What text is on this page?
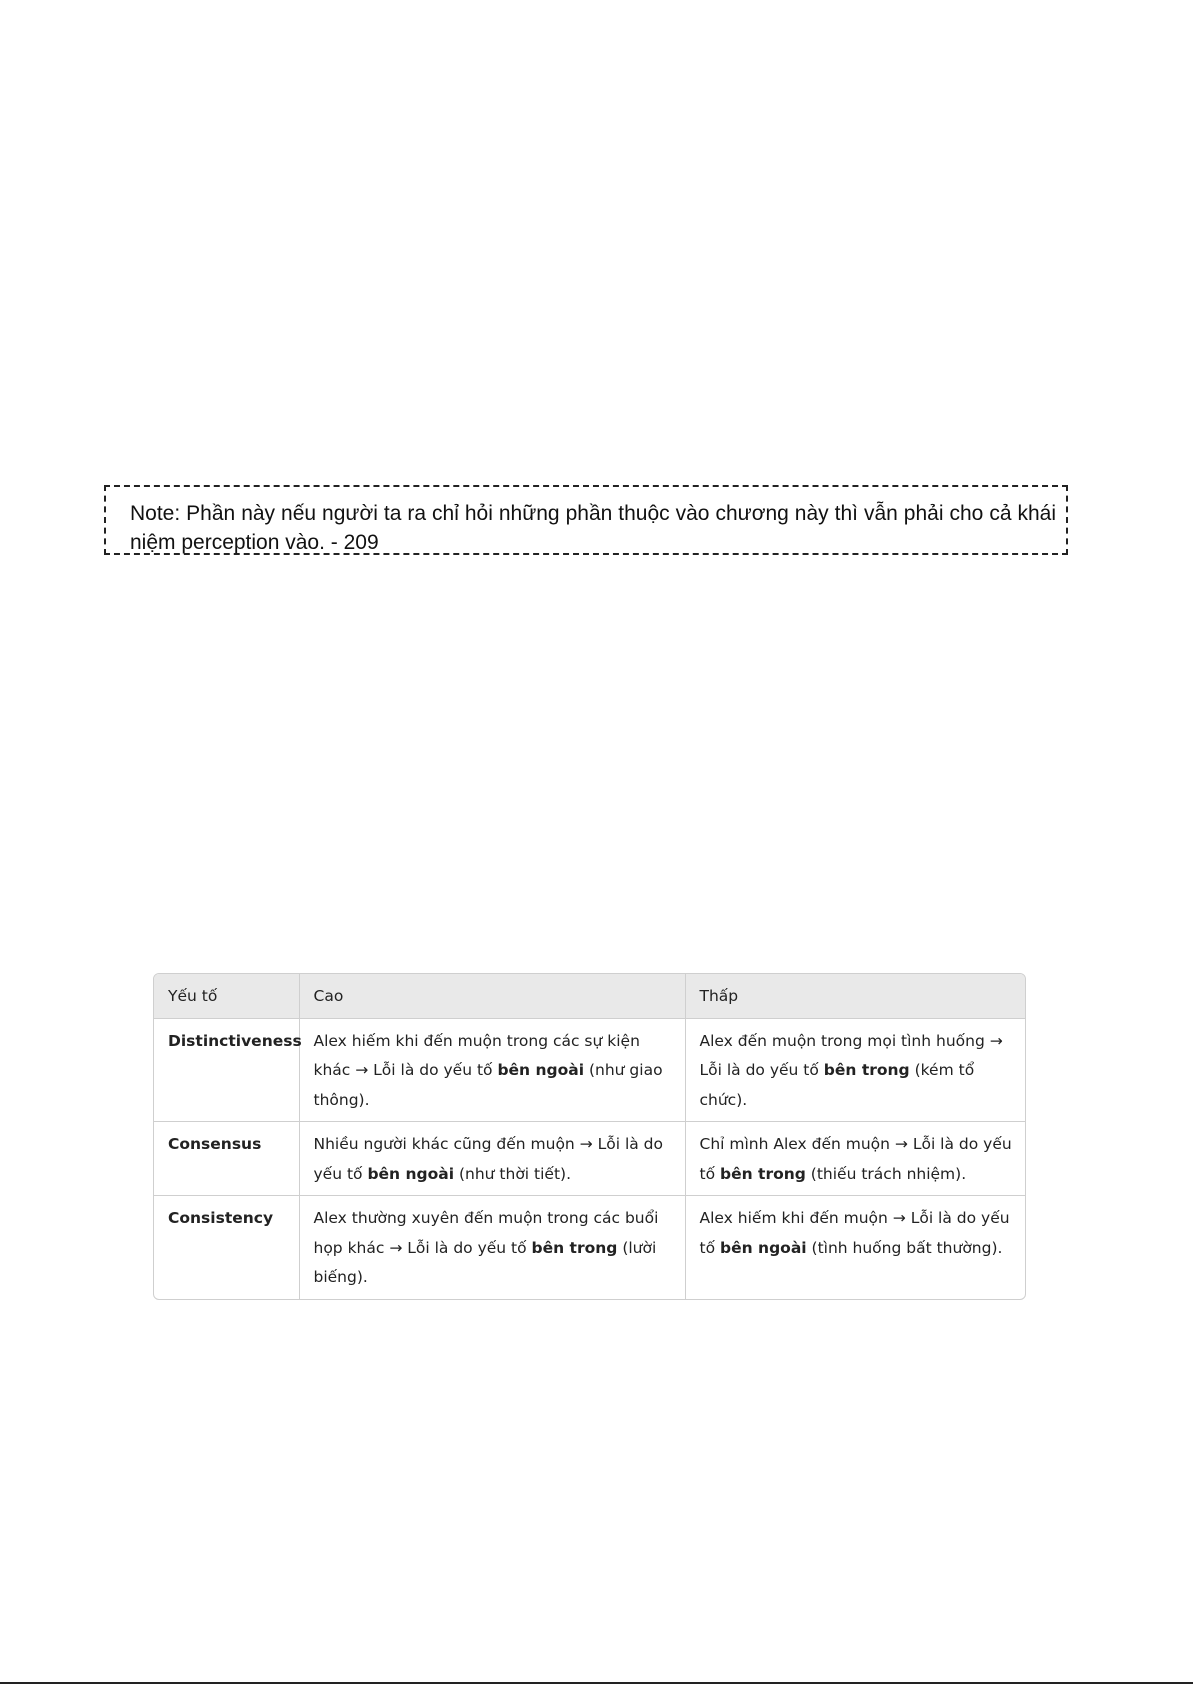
Note: Phần này nếu người ta ra chỉ hỏi những phần thuộc vào chương này thì vẫn phải cho cả khái niệm perception vào. - 209
Yếu tố	Cao	Thấp
Distinctiveness	Alex hiếm khi đến muộn trong các sự kiện khác → Lỗi là do yếu tố bên ngoài (như giao thông).	Alex đến muộn trong mọi tình huống → Lỗi là do yếu tố bên trong (kém tổ chức).
Consensus	Nhiều người khác cũng đến muộn → Lỗi là do yếu tố bên ngoài (như thời tiết).	Chỉ mình Alex đến muộn → Lỗi là do yếu tố bên trong (thiếu trách nhiệm).
Consistency	Alex thường xuyên đến muộn trong các buổi họp khác → Lỗi là do yếu tố bên trong (lười biếng).	Alex hiếm khi đến muộn → Lỗi là do yếu tố bên ngoài (tình huống bất thường).
